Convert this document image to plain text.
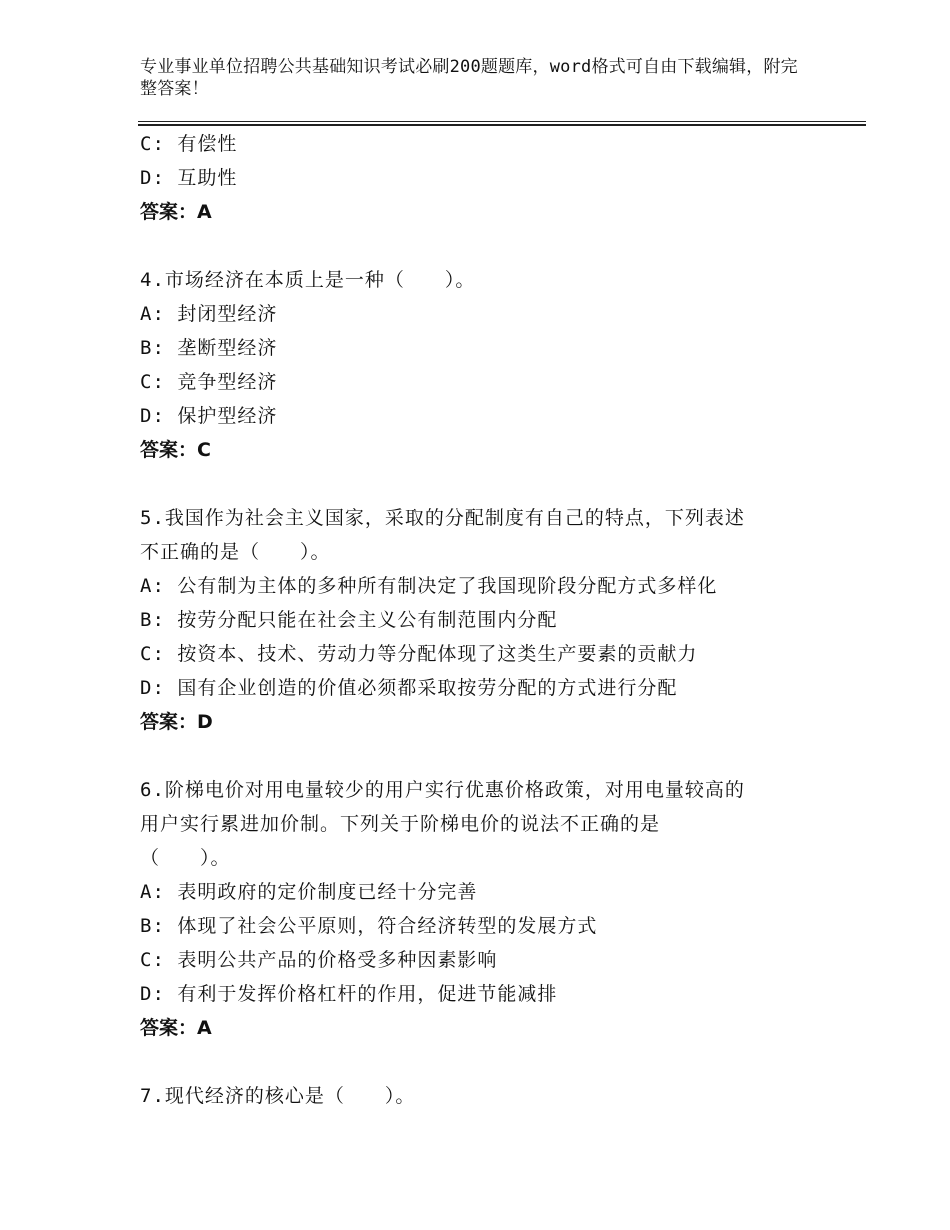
专业事业单位招聘公共基础知识考试必刷200题题库，word格式可自由下载编辑，附完整答案！
C: 有偿性
D: 互助性
答案：A
4.市场经济在本质上是一种（　　）。
A: 封闭型经济
B: 垄断型经济
C: 竞争型经济
D: 保护型经济
答案：C
5.我国作为社会主义国家，采取的分配制度有自己的特点，下列表述
不正确的是（　　）。
A: 公有制为主体的多种所有制决定了我国现阶段分配方式多样化
B: 按劳分配只能在社会主义公有制范围内分配
C: 按资本、技术、劳动力等分配体现了这类生产要素的贡献力
D: 国有企业创造的价值必须都采取按劳分配的方式进行分配
答案：D
6.阶梯电价对用电量较少的用户实行优惠价格政策，对用电量较高的
用户实行累进加价制。下列关于阶梯电价的说法不正确的是
（　　）。
A: 表明政府的定价制度已经十分完善
B: 体现了社会公平原则，符合经济转型的发展方式
C: 表明公共产品的价格受多种因素影响
D: 有利于发挥价格杠杆的作用，促进节能减排
答案：A
7.现代经济的核心是（　　）。
